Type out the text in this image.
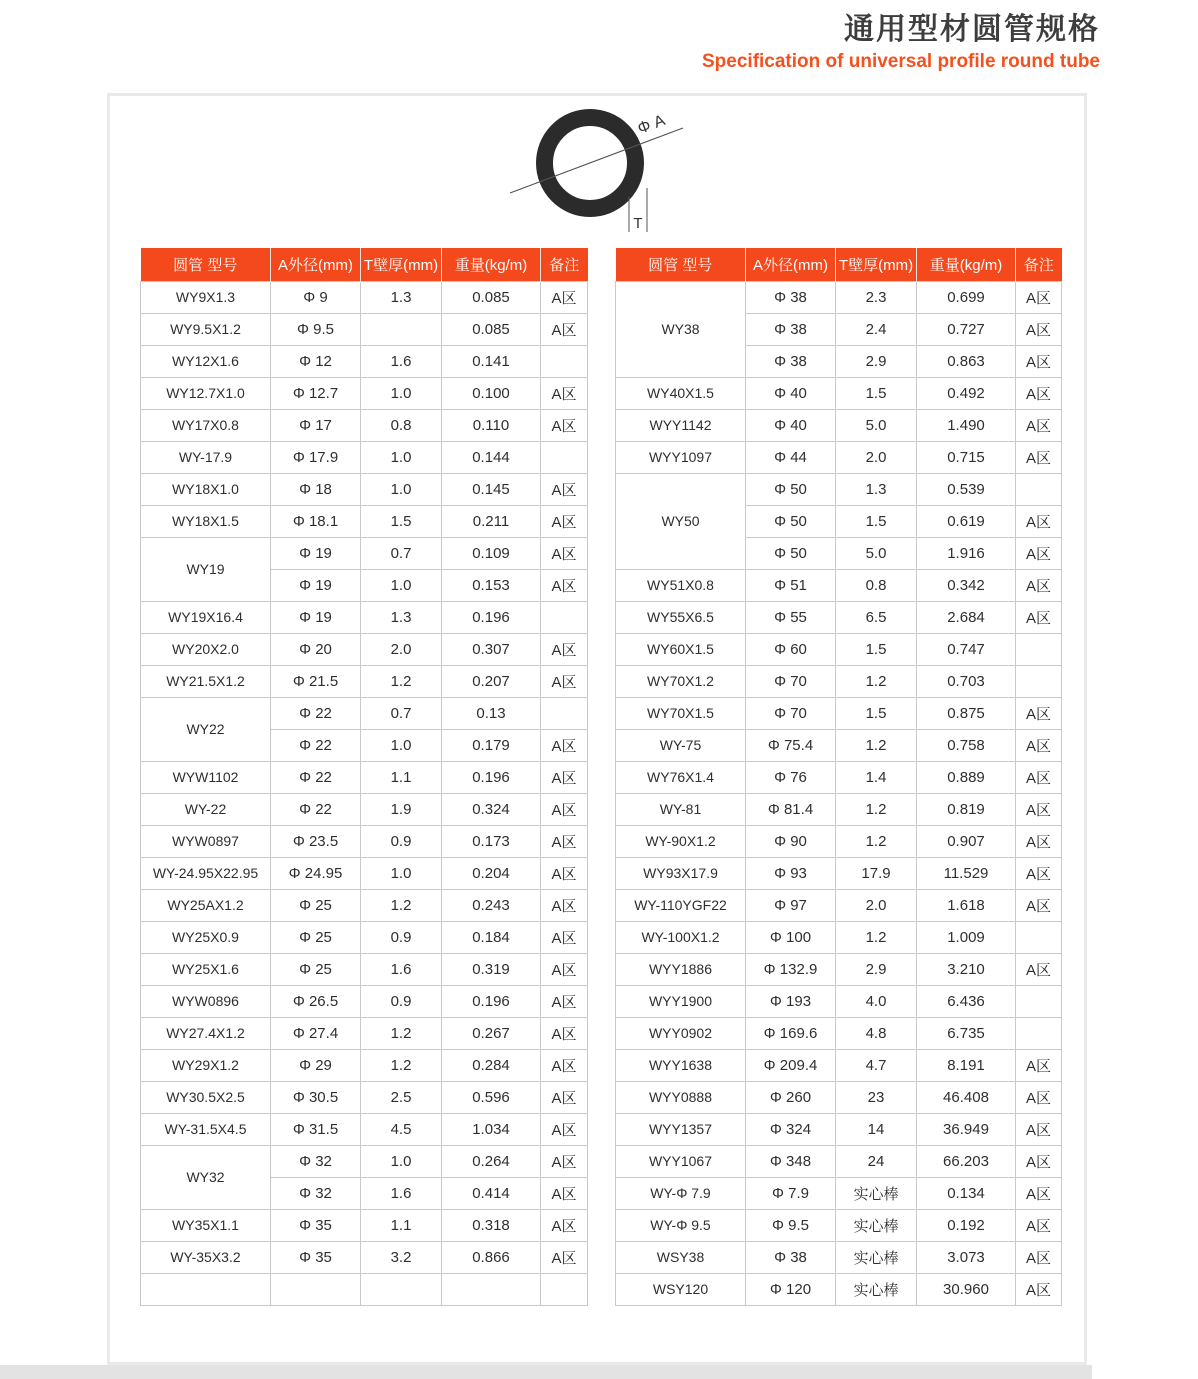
通用型材圆管规格
Specification of universal profile round tube
Φ A
T
圆管 型号	A外径(mm)	T壁厚(mm)	重量(kg/m)	备注
WY9X1.3	Φ 9	1.3	0.085	A区
WY9.5X1.2	Φ 9.5		0.085	A区
WY12X1.6	Φ 12	1.6	0.141	
WY12.7X1.0	Φ 12.7	1.0	0.100	A区
WY17X0.8	Φ 17	0.8	0.110	A区
WY-17.9	Φ 17.9	1.0	0.144	
WY18X1.0	Φ 18	1.0	0.145	A区
WY18X1.5	Φ 18.1	1.5	0.211	A区
WY19	Φ 19	0.7	0.109	A区
	Φ 19	1.0	0.153	A区
WY19X16.4	Φ 19	1.3	0.196	
WY20X2.0	Φ 20	2.0	0.307	A区
WY21.5X1.2	Φ 21.5	1.2	0.207	A区
WY22	Φ 22	0.7	0.13	
	Φ 22	1.0	0.179	A区
WYW1102	Φ 22	1.1	0.196	A区
WY-22	Φ 22	1.9	0.324	A区
WYW0897	Φ 23.5	0.9	0.173	A区
WY-24.95X22.95	Φ 24.95	1.0	0.204	A区
WY25AX1.2	Φ 25	1.2	0.243	A区
WY25X0.9	Φ 25	0.9	0.184	A区
WY25X1.6	Φ 25	1.6	0.319	A区
WYW0896	Φ 26.5	0.9	0.196	A区
WY27.4X1.2	Φ 27.4	1.2	0.267	A区
WY29X1.2	Φ 29	1.2	0.284	A区
WY30.5X2.5	Φ 30.5	2.5	0.596	A区
WY-31.5X4.5	Φ 31.5	4.5	1.034	A区
WY32	Φ 32	1.0	0.264	A区
	Φ 32	1.6	0.414	A区
WY35X1.1	Φ 35	1.1	0.318	A区
WY-35X3.2	Φ 35	3.2	0.866	A区

圆管 型号	A外径(mm)	T壁厚(mm)	重量(kg/m)	备注
WY38	Φ 38	2.3	0.699	A区
	Φ 38	2.4	0.727	A区
	Φ 38	2.9	0.863	A区
WY40X1.5	Φ 40	1.5	0.492	A区
WYY1142	Φ 40	5.0	1.490	A区
WYY1097	Φ 44	2.0	0.715	A区
WY50	Φ 50	1.3	0.539	
	Φ 50	1.5	0.619	A区
	Φ 50	5.0	1.916	A区
WY51X0.8	Φ 51	0.8	0.342	A区
WY55X6.5	Φ 55	6.5	2.684	A区
WY60X1.5	Φ 60	1.5	0.747	
WY70X1.2	Φ 70	1.2	0.703	
WY70X1.5	Φ 70	1.5	0.875	A区
WY-75	Φ 75.4	1.2	0.758	A区
WY76X1.4	Φ 76	1.4	0.889	A区
WY-81	Φ 81.4	1.2	0.819	A区
WY-90X1.2	Φ 90	1.2	0.907	A区
WY93X17.9	Φ 93	17.9	11.529	A区
WY-110YGF22	Φ 97	2.0	1.618	A区
WY-100X1.2	Φ 100	1.2	1.009	
WYY1886	Φ 132.9	2.9	3.210	A区
WYY1900	Φ 193	4.0	6.436	
WYY0902	Φ 169.6	4.8	6.735	
WYY1638	Φ 209.4	4.7	8.191	A区
WYY0888	Φ 260	23	46.408	A区
WYY1357	Φ 324	14	36.949	A区
WYY1067	Φ 348	24	66.203	A区
WY-Φ 7.9	Φ 7.9	实心棒	0.134	A区
WY-Φ 9.5	Φ 9.5	实心棒	0.192	A区
WSY38	Φ 38	实心棒	3.073	A区
WSY120	Φ 120	实心棒	30.960	A区
